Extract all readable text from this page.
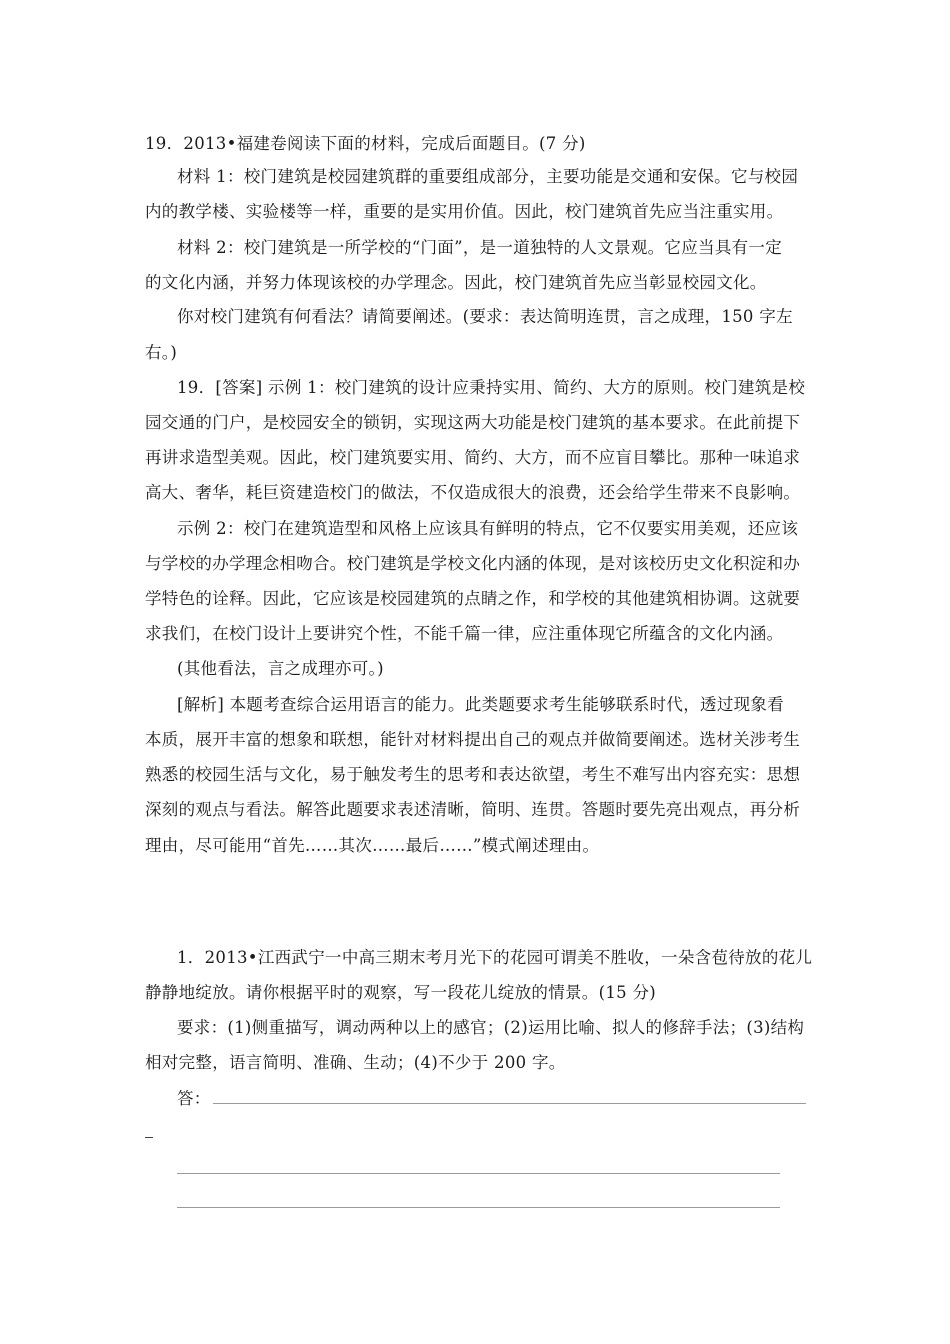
19．2013•福建卷阅读下面的材料，完成后面题目。(7 分)
材料 1：校门建筑是校园建筑群的重要组成部分，主要功能是交通和安保。它与校园
内的教学楼、实验楼等一样，重要的是实用价值。因此，校门建筑首先应当注重实用。
材料 2：校门建筑是一所学校的“门面”，是一道独特的人文景观。它应当具有一定
的文化内涵，并努力体现该校的办学理念。因此，校门建筑首先应当彰显校园文化。
你对校门建筑有何看法？请简要阐述。(要求：表达简明连贯，言之成理，150 字左
右。)
19．[答案] 示例 1：校门建筑的设计应秉持实用、简约、大方的原则。校门建筑是校
园交通的门户，是校园安全的锁钥，实现这两大功能是校门建筑的基本要求。在此前提下
再讲求造型美观。因此，校门建筑要实用、简约、大方，而不应盲目攀比。那种一味追求
高大、奢华，耗巨资建造校门的做法，不仅造成很大的浪费，还会给学生带来不良影响。
示例 2：校门在建筑造型和风格上应该具有鲜明的特点，它不仅要实用美观，还应该
与学校的办学理念相吻合。校门建筑是学校文化内涵的体现，是对该校历史文化积淀和办
学特色的诠释。因此，它应该是校园建筑的点睛之作，和学校的其他建筑相协调。这就要
求我们，在校门设计上要讲究个性，不能千篇一律，应注重体现它所蕴含的文化内涵。
(其他看法，言之成理亦可。)
[解析] 本题考查综合运用语言的能力。此类题要求考生能够联系时代，透过现象看
本质，展开丰富的想象和联想，能针对材料提出自己的观点并做简要阐述。选材关涉考生
熟悉的校园生活与文化，易于触发考生的思考和表达欲望，考生不难写出内容充实：思想
深刻的观点与看法。解答此题要求表述清晰，简明、连贯。答题时要先亮出观点，再分析
理由，尽可能用“首先……其次……最后……”模式阐述理由。
1．2013•江西武宁一中高三期末考月光下的花园可谓美不胜收，一朵含苞待放的花儿
静静地绽放。请你根据平时的观察，写一段花儿绽放的情景。(15 分)
要求：(1)侧重描写，调动两种以上的感官；(2)运用比喻、拟人的修辞手法；(3)结构
相对完整，语言简明、准确、生动；(4)不少于 200 字。
答：
